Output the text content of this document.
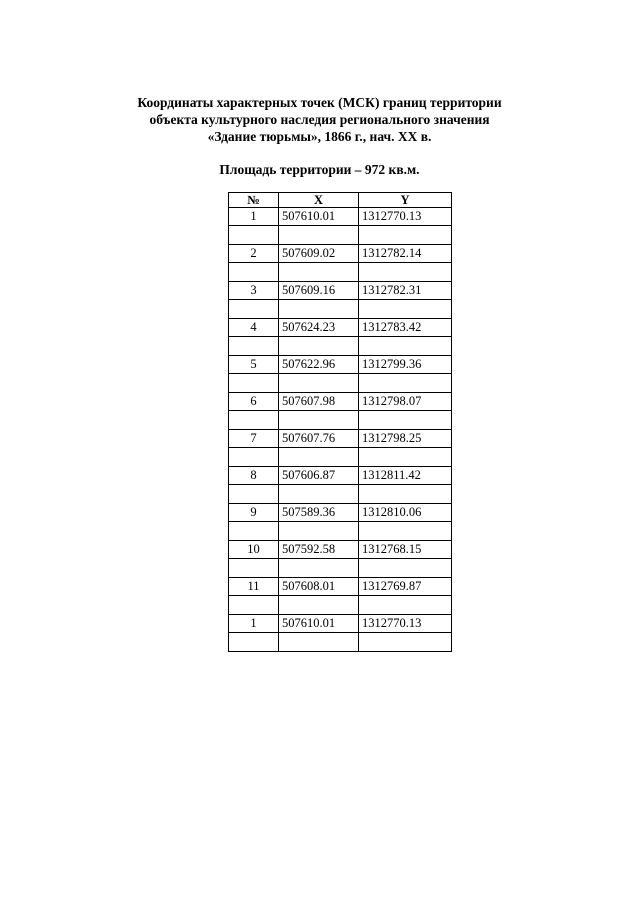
Координаты характерных точек (МСК) границ территории
объекта культурного наследия регионального значения
«Здание тюрьмы», 1866 г., нач. XX в.
Площадь территории – 972 кв.м.
№	X	Y
1	507610.01	1312770.13

2	507609.02	1312782.14

3	507609.16	1312782.31

4	507624.23	1312783.42

5	507622.96	1312799.36

6	507607.98	1312798.07

7	507607.76	1312798.25

8	507606.87	1312811.42

9	507589.36	1312810.06

10	507592.58	1312768.15

11	507608.01	1312769.87

1	507610.01	1312770.13
